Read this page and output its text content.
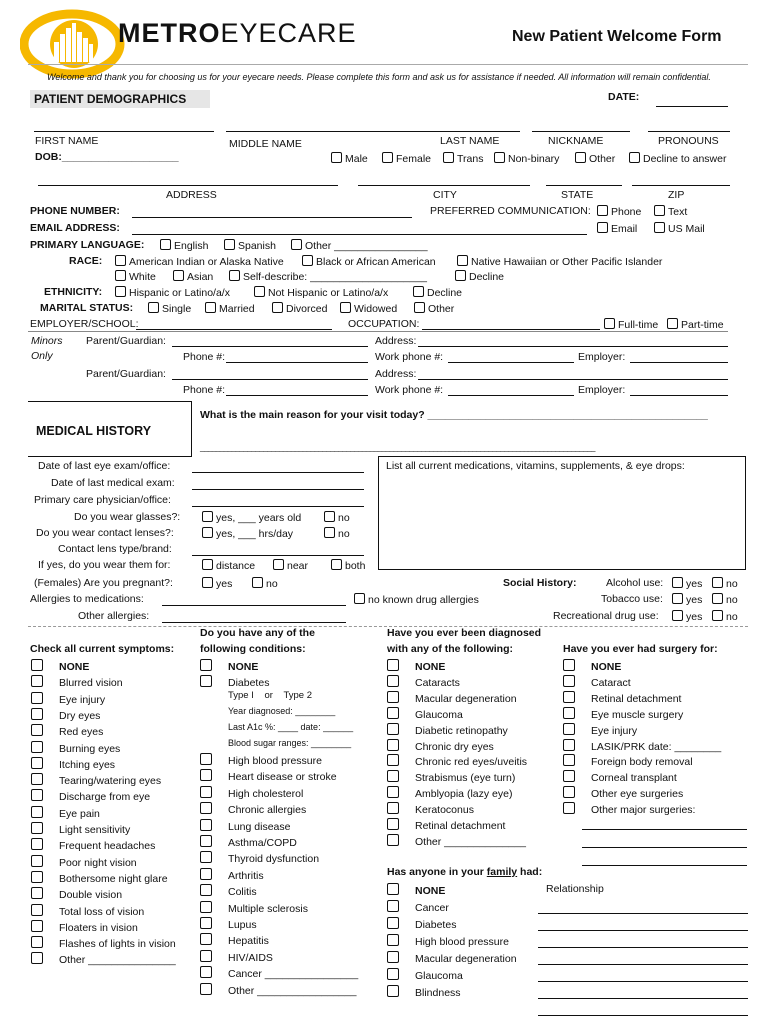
METROEYECARE	New Patient Welcome Form
Welcome and thank you for choosing us for your eyecare needs. Please complete this form and ask us for assistance if needed. All information will remain confidential.
PATIENT DEMOGRAPHICS	DATE:
FIRST NAME	MIDDLE NAME	LAST NAME	NICKNAME	PRONOUNS
DOB:____________________	Male	Female	Trans	Non-binary	Other	Decline to answer
ADDRESS	CITY	STATE	ZIP
PHONE NUMBER:	PREFERRED COMMUNICATION:	Phone	Text
EMAIL ADDRESS:	Email	US Mail
PRIMARY LANGUAGE:	English	Spanish	Other ________________
RACE:	American Indian or Alaska Native	Black or African American	Native Hawaiian or Other Pacific Islander
White	Asian	Self-describe: ____________________	Decline
ETHNICITY:	Hispanic or Latino/a/x	Not Hispanic or Latino/a/x	Decline
MARITAL STATUS:	Single	Married	Divorced	Widowed	Other
EMPLOYER/SCHOOL:	OCCUPATION:	Full-time	Part-time
Minors
Only
Parent/Guardian:	Address:
Phone #:	Work phone #:	Employer:
Parent/Guardian:	Address:
Phone #:	Work phone #:	Employer:
MEDICAL HISTORY
What is the main reason for your visit today? ________________________________________________
____________________________________________________________________________________________________
Date of last eye exam/office:
Date of last medical exam:
Primary care physician/office:
Do you wear glasses?:	yes, ___ years old	no
Do you wear contact lenses?:	yes, ___ hrs/day	no
Contact lens type/brand:
If yes, do you wear them for:	distance	near	both
(Females) Are you pregnant?:	yes	no
Allergies to medications:	no known drug allergies
Other allergies:
List all current medications, vitamins, supplements, & eye drops:
Social History:	Alcohol use:	yes	no
Tobacco use:	yes	no
Recreational drug use:	yes	no
Check all current symptoms:
Do you have any of the
following conditions:
NONE
Diabetes
Type I or Type 2
Year diagnosed: ________
Last A1c %: ____ date: ______
Blood sugar ranges: ________
Have you ever been diagnosed
with any of the following:
Has anyone in your family had:
Relationship
Have you ever had surgery for:
NONE
Blurred vision
Eye injury
Dry eyes
Red eyes
Burning eyes
Itching eyes
Tearing/watering eyes
Discharge from eye
Eye pain
Light sensitivity
Frequent headaches
Poor night vision
Bothersome night glare
Double vision
Total loss of vision
Floaters in vision
Flashes of lights in vision
Other _______________
High blood pressure
Heart disease or stroke
High cholesterol
Chronic allergies
Lung disease
Asthma/COPD
Thyroid dysfunction
Arthritis
Colitis
Multiple sclerosis
Lupus
Hepatitis
HIV/AIDS
Cancer ________________
Other _________________
NONE
Cataracts
Macular degeneration
Glaucoma
Diabetic retinopathy
Chronic dry eyes
Chronic red eyes/uveitis
Strabismus (eye turn)
Amblyopia (lazy eye)
Keratoconus
Retinal detachment
Other ______________
NONE
Cancer
Diabetes
High blood pressure
Macular degeneration
Glaucoma
Blindness
NONE
Cataract
Retinal detachment
Eye muscle surgery
Eye injury
LASIK/PRK date: ________
Foreign body removal
Corneal transplant
Other eye surgeries
Other major surgeries:
